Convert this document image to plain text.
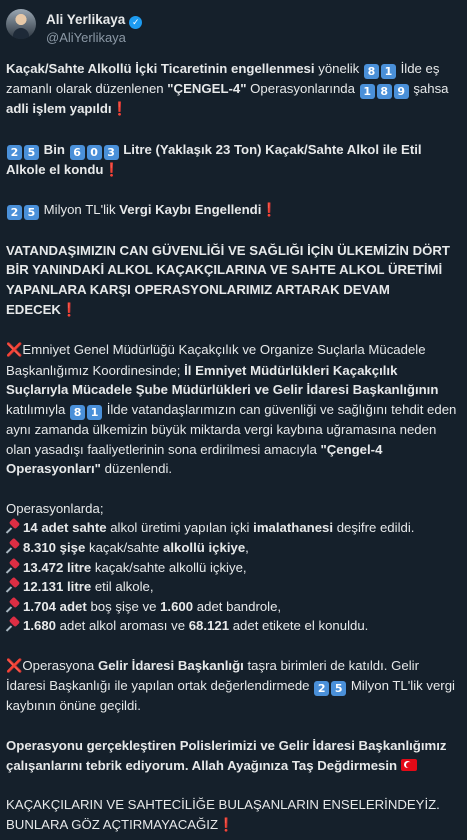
Ali Yerlikaya ✓
@AliYerlikaya

Kaçak/Sahte Alkollü İçki Ticaretinin engellenmesi yönelik 8 1 İlde eş zamanlı olarak düzenlenen "ÇENGEL-4" Operasyonlarında 1 8 9 şahsa adli işlem yapıldı❗

2 5 Bin 6 0 3 Litre (Yaklaşık 23 Ton) Kaçak/Sahte Alkol ile Etil Alkole el kondu❗

2 5 Milyon TL'lik Vergi Kaybı Engellendi❗

VATANDAŞIMIZIN CAN GÜVENLİĞİ VE SAĞLIĞI İÇİN ÜLKEMİZİN DÖRT BİR YANINDAKİ ALKOL KAÇAKÇILARINA VE SAHTE ALKOL ÜRETİMİ YAPANLARA KARŞI OPERASYONLARIMIZ ARTARAK DEVAM EDECEK❗

❌Emniyet Genel Müdürlüğü Kaçakçılık ve Organize Suçlarla Mücadele Başkanlığımız Koordinesinde; İl Emniyet Müdürlükleri Kaçakçılık Suçlarıyla Mücadele Şube Müdürlükleri ve Gelir İdaresi Başkanlığının katılımıyla 8 1 İlde vatandaşlarımızın can güvenliği ve sağlığını tehdit eden aynı zamanda ülkemizin büyük miktarda vergi kaybına uğramasına neden olan yasadışı faaliyetlerinin sona erdirilmesi amacıyla "Çengel-4 Operasyonları" düzenlendi.

Operasyonlarda;
14 adet sahte alkol üretimi yapılan içki imalathanesi deşifre edildi.
8.310 şişe kaçak/sahte alkollü içkiye,
13.472 litre kaçak/sahte alkollü içkiye,
12.131 litre etil alkole,
1.704 adet boş şişe ve 1.600 adet bandrole,
1.680 adet alkol aroması ve 68.121 adet etikete el konuldu.

❌Operasyona Gelir İdaresi Başkanlığı taşra birimleri de katıldı. Gelir İdaresi Başkanlığı ile yapılan ortak değerlendirmede 2 5 Milyon TL'lik vergi kaybının önüne geçildi.

Operasyonu gerçekleştiren Polislerimizi ve Gelir İdaresi Başkanlığımız çalışanlarını tebrik ediyorum. Allah Ayağınıza Taş Değdirmesin

KAÇAKÇILARIN VE SAHTECİLİĞE BULAŞANLARIN ENSELERİNDEYİZ. BUNLARA GÖZ AÇTIRMAYACAĞIZ❗
